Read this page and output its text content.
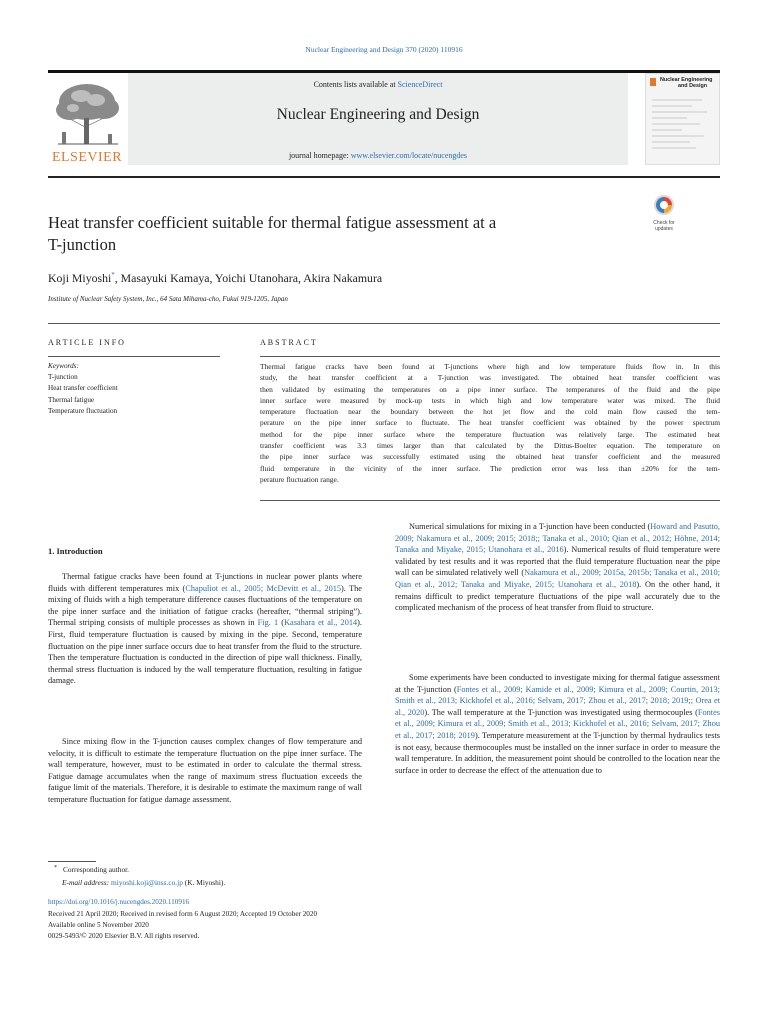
Nuclear Engineering and Design 370 (2020) 110916
ELSEVIER
Contents lists available at ScienceDirect
Nuclear Engineering and Design
journal homepage: www.elsevier.com/locate/nucengdes
Nuclear Engineering
and Design
Check for
updates
Heat transfer coefficient suitable for thermal fatigue assessment at a
T-junction
Koji Miyoshi*, Masayuki Kamaya, Yoichi Utanohara, Akira Nakamura
Institute of Nuclear Safety System, Inc., 64 Sata Mihama-cho, Fukui 919-1205, Japan
ARTICLE INFO	ABSTRACT
Keywords:
T-junction
Heat transfer coefficient
Thermal fatigue
Temperature fluctuation
Thermal fatigue cracks have been found at T-junctions where high and low temperature fluids flow in. In this
study, the heat transfer coefficient at a T-junction was investigated. The obtained heat transfer coefficient was
then validated by estimating the temperatures on a pipe inner surface. The temperatures of the fluid and the pipe
inner surface were measured by mock-up tests in which high and low temperature water was mixed. The fluid
temperature fluctuation near the boundary between the hot jet flow and the cold main flow caused the tem-
perature on the pipe inner surface to fluctuate. The heat transfer coefficient was obtained by the power spectrum
method for the pipe inner surface where the temperature fluctuation was relatively large. The estimated heat
transfer coefficient was 3.3 times larger than that calculated by the Dittus-Boelter equation. The temperature on
the pipe inner surface was successfully estimated using the obtained heat transfer coefficient and the measured
fluid temperature in the vicinity of the inner surface. The prediction error was less than ±20% for the tem-
perature fluctuation range.
1. Introduction

Thermal fatigue cracks have been found at T-junctions in nuclear power plants where fluids with different temperatures mix (Chapuliot et al., 2005; McDevitt et al., 2015). The mixing of fluids with a high temperature difference causes fluctuations of the temperature on the pipe inner surface and the initiation of fatigue cracks (hereafter, “thermal striping”). Thermal striping consists of multiple processes as shown in Fig. 1 (Kasahara et al., 2014). First, fluid temperature fluctuation is caused by mixing in the pipe. Second, temperature fluctuation on the pipe inner surface occurs due to heat transfer from the fluid to the structure. Then the temperature fluctuation is conducted in the direction of pipe wall thickness. Finally, thermal stress fluctuation is induced by the wall temperature fluctuation, resulting in fatigue damage.

Since mixing flow in the T-junction causes complex changes of flow temperature and velocity, it is difficult to estimate the temperature fluctuation on the pipe inner surface. The wall temperature, however, must to be estimated in order to calculate the thermal stress. Fatigue damage accumulates when the range of maximum stress fluctuation exceeds the fatigue limit of the materials. Therefore, it is desirable to estimate the maximum range of wall temperature fluctuation for fatigue damage assessment.

Numerical simulations for mixing in a T-junction have been conducted (Howard and Pasutto, 2009; Nakamura et al., 2009; 2015; 2018;; Tanaka et al., 2010; Qian et al., 2012; Höhne, 2014; Tanaka and Miyake, 2015; Utanohara et al., 2016). Numerical results of fluid temperature were validated by test results and it was reported that the fluid temperature fluctuation near the pipe wall can be simulated relatively well (Nakamura et al., 2009; 2015a, 2015b; Tanaka et al., 2010; Qian et al., 2012; Tanaka and Miyake, 2015; Utanohara et al., 2018). On the other hand, it remains difficult to predict temperature fluctuations of the pipe wall accurately due to the complicated mechanism of the process of heat transfer from fluid to structure.

Some experiments have been conducted to investigate mixing for thermal fatigue assessment at the T-junction (Fontes et al., 2009; Kamide et al., 2009; Kimura et al., 2009; Courtin, 2013; Smith et al., 2013; Kickhofel et al., 2016; Selvam, 2017; Zhou et al., 2017; 2018; 2019;; Orea et al., 2020). The wall temperature at the T-junction was investigated using thermocouples (Fontes et al., 2009; Kimura et al., 2009; Smith et al., 2013; Kickhofel et al., 2016; Selvam, 2017; Zhou et al., 2017; 2018; 2019). Temperature measurement at the T-junction by thermal hydraulics tests is not easy, because thermocouples must be installed on the inner surface in order to measure the wall temperature. In addition, the measurement point should be controlled to the location near the surface in order to decrease the effect of the attenuation due to

* Corresponding author.
E-mail address: miyoshi.koji@inss.co.jp (K. Miyoshi).
https://doi.org/10.1016/j.nucengdes.2020.110916
Received 21 April 2020; Received in revised form 6 August 2020; Accepted 19 October 2020
Available online 5 November 2020
0029-5493/© 2020 Elsevier B.V. All rights reserved.
